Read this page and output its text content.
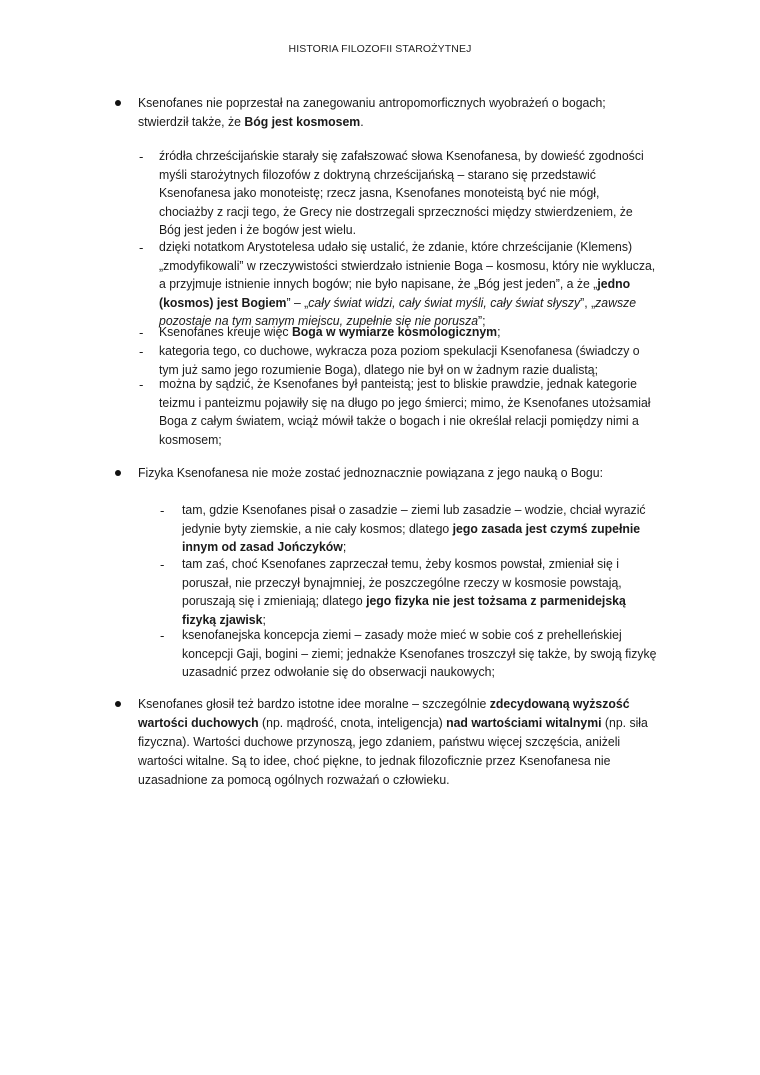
HISTORIA FILOZOFII STAROŻYTNEJ
Ksenofanes nie poprzestał na zanegowaniu antropomorficznych wyobrażeń o bogach;
stwierdził także, że Bóg jest kosmosem.
- źródła chrześcijańskie starały się zafałszować słowa Ksenofanesa, by dowieść zgodności
myśli starożytnych filozofów z doktryną chrześcijańską – starano się przedstawić
Ksenofanesa jako monoteistę; rzecz jasna, Ksenofanes monoteistą być nie mógł,
chociażby z racji tego, że Grecy nie dostrzegali sprzeczności między stwierdzeniem, że
Bóg jest jeden i że bogów jest wielu.
- dzięki notatkom Arystotelesa udało się ustalić, że zdanie, które chrześcijanie (Klemens)
„zmodyfikowali” w rzeczywistości stwierdzało istnienie Boga – kosmosu, który nie wyklucza,
a przyjmuje istnienie innych bogów; nie było napisane, że „Bóg jest jeden”, a że „jedno
(kosmos) jest Bogiem” – „cały świat widzi, cały świat myśli, cały świat słyszy”, „zawsze
pozostaje na tym samym miejscu, zupełnie się nie porusza”;
- Ksenofanes kreuje więc Boga w wymiarze kosmologicznym;
- kategoria tego, co duchowe, wykracza poza poziom spekulacji Ksenofanesa (świadczy o
tym już samo jego rozumienie Boga), dlatego nie był on w żadnym razie dualistą;
- można by sądzić, że Ksenofanes był panteistą; jest to bliskie prawdzie, jednak kategorie
teizmu i panteizmu pojawiły się na długo po jego śmierci; mimo, że Ksenofanes utożsamiał
Boga z całym światem, wciąż mówił także o bogach i nie określał relacji pomiędzy nimi a
kosmosem;
Fizyka Ksenofanesa nie może zostać jednoznacznie powiązana z jego nauką o Bogu:
- tam, gdzie Ksenofanes pisał o zasadzie – ziemi lub zasadzie – wodzie, chciał wyrazić
jedynie byty ziemskie, a nie cały kosmos; dlatego jego zasada jest czymś zupełnie
innym od zasad Jończyków;
- tam zaś, choć Ksenofanes zaprzeczał temu, żeby kosmos powstał, zmieniał się i
poruszał, nie przeczył bynajmniej, że poszczególne rzeczy w kosmosie powstają,
poruszają się i zmieniają; dlatego jego fizyka nie jest tożsama z parmenidejską
fizyką zjawisk;
- ksenofanejska koncepcja ziemi – zasady może mieć w sobie coś z prehelleńskiej
koncepcji Gaji, bogini – ziemi; jednakże Ksenofanes troszczył się także, by swoją fizykę
uzasadnić przez odwołanie się do obserwacji naukowych;
Ksenofanes głosił też bardzo istotne idee moralne – szczególnie zdecydowaną wyższość
wartości duchowych (np. mądrość, cnota, inteligencja) nad wartościami witalnymi (np. siła
fizyczna). Wartości duchowe przynoszą, jego zdaniem, państwu więcej szczęścia, aniżeli
wartości witalne. Są to idee, choć piękne, to jednak filozoficznie przez Ksenofanesa nie
uzasadnione za pomocą ogólnych rozważań o człowieku.
